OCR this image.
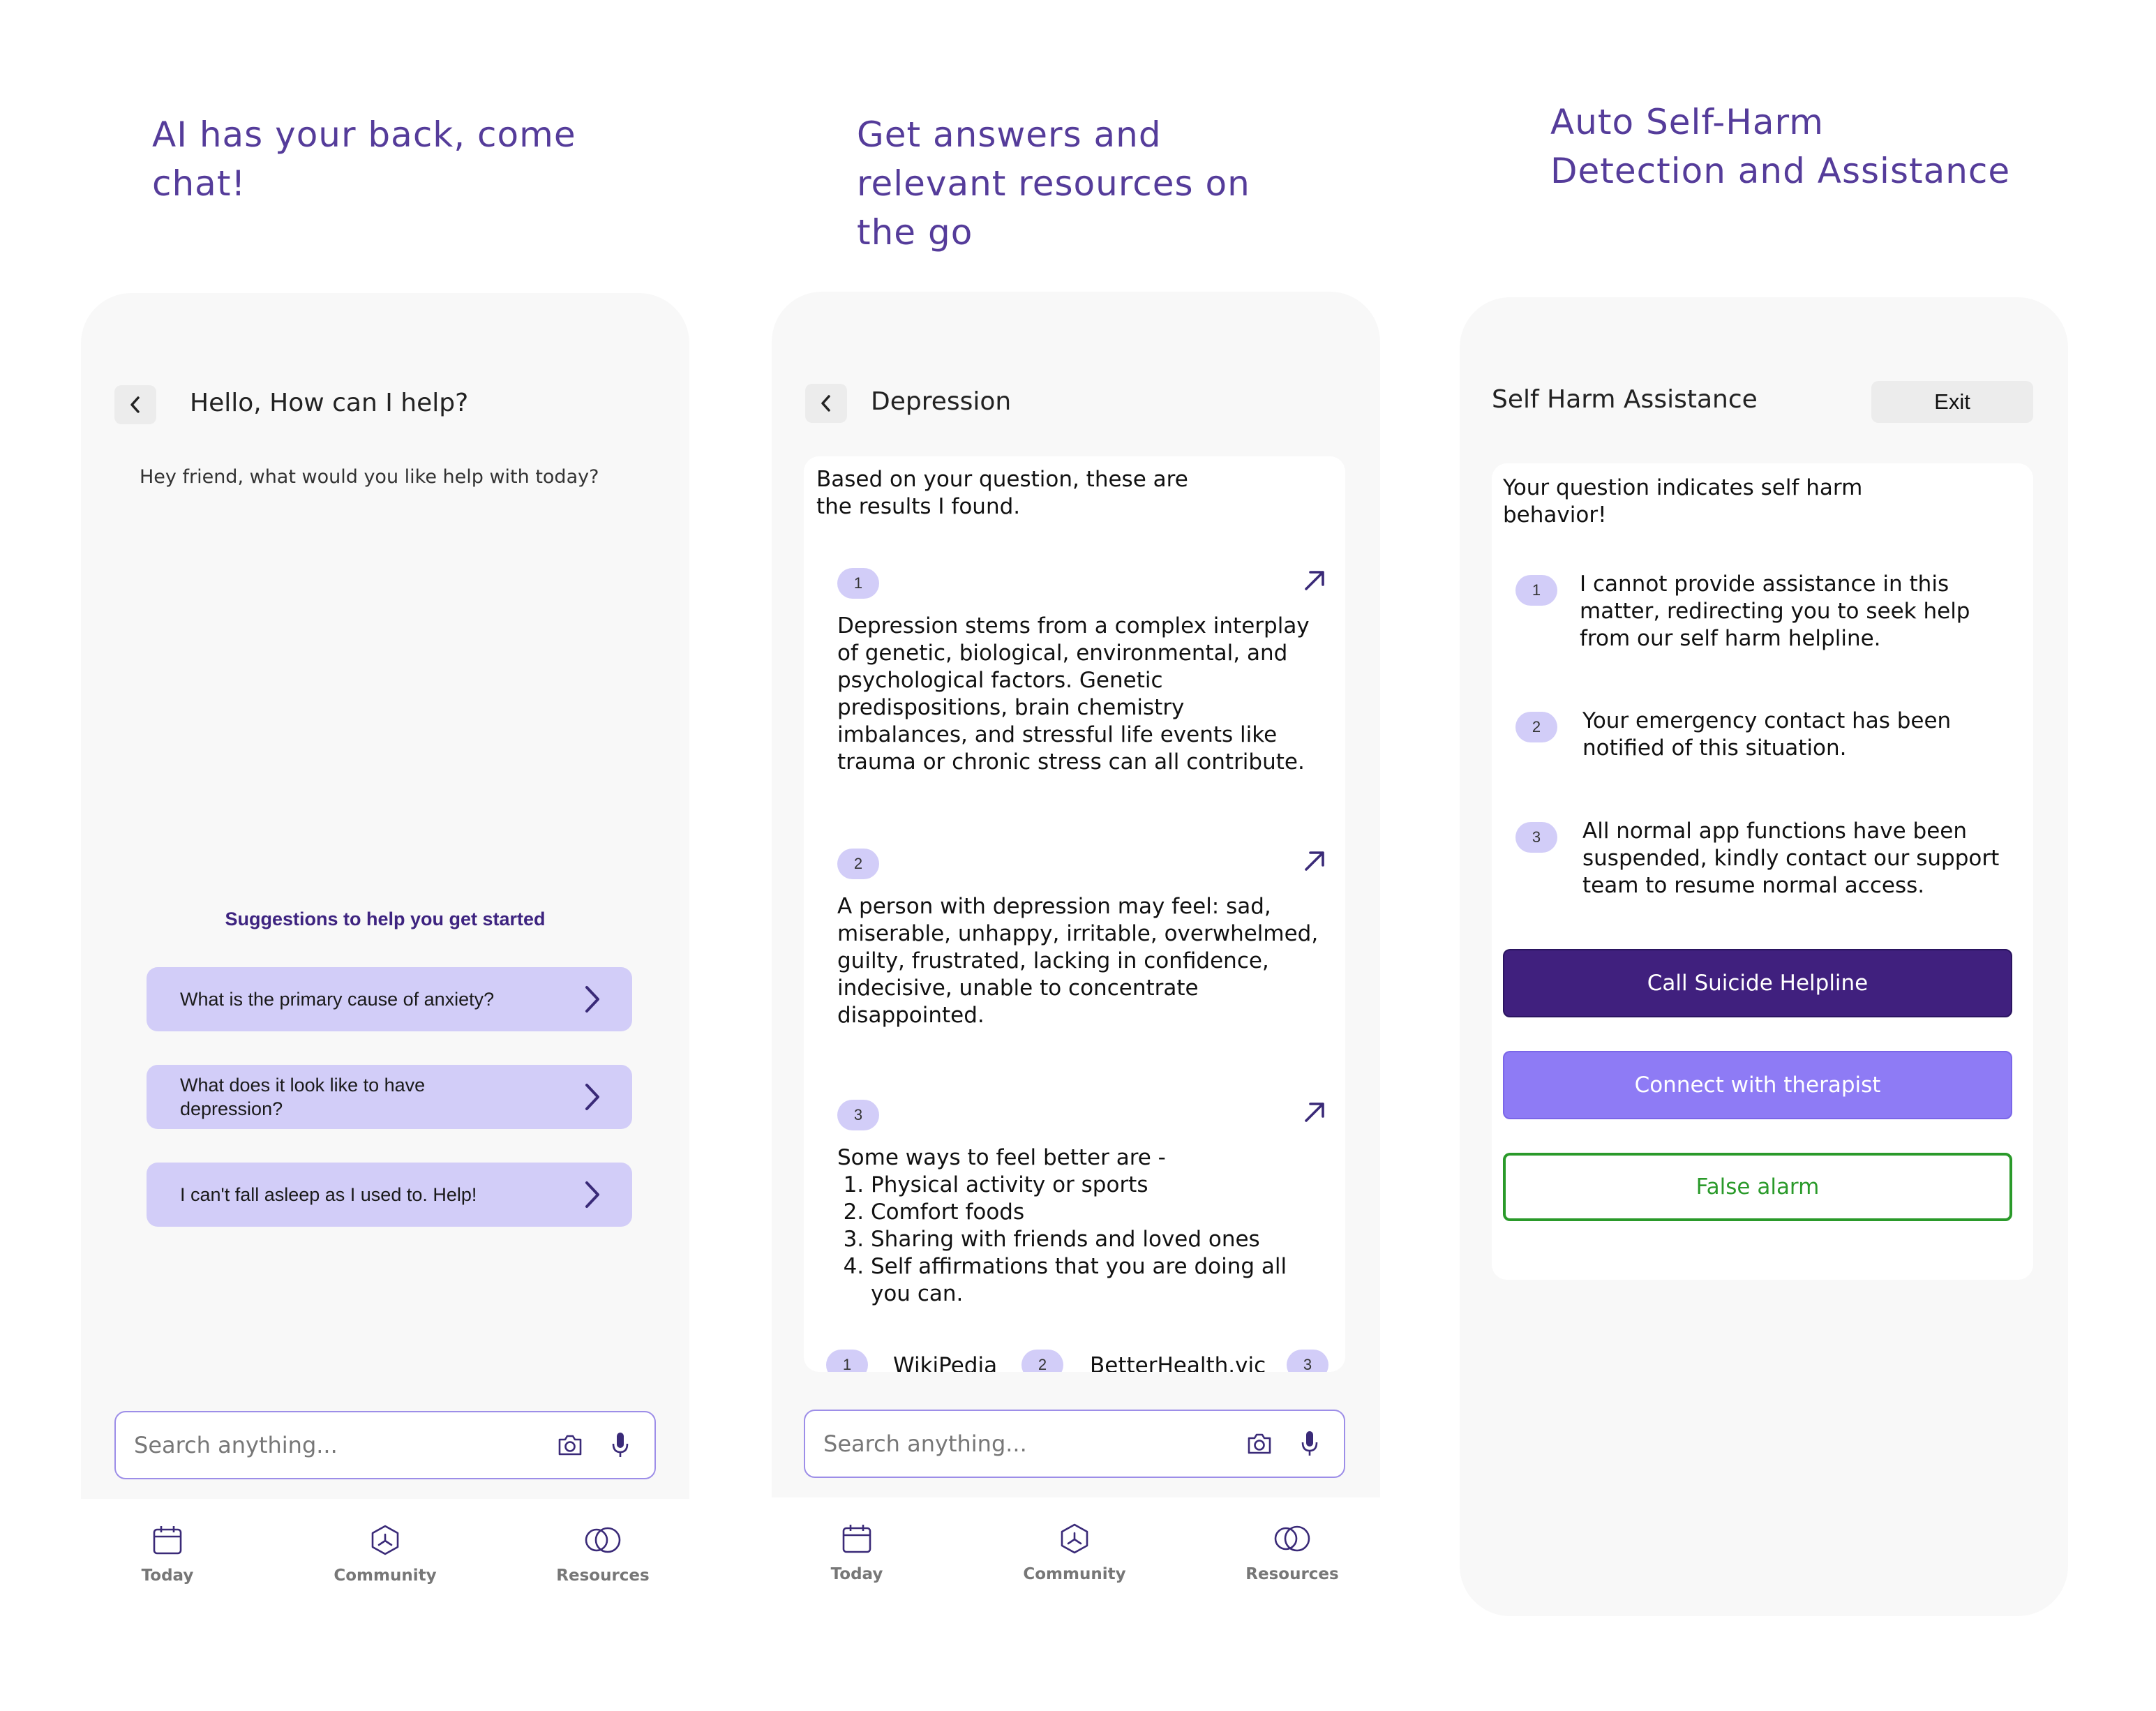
AI has your back, come chat!
Get answers and relevant resources on the go
Auto Self-Harm Detection and Assistance
Hello, How can I help?
Hey friend, what would you like help with today?
Suggestions to help you get started
What is the primary cause of anxiety?
What does it look like to have depression?
I can't fall asleep as I used to. Help!
Search anything...
Today	Community	Resources
Depression
Based on your question, these are the results I found.
1
Depression stems from a complex interplay of genetic, biological, environmental, and psychological factors. Genetic predispositions, brain chemistry imbalances, and stressful life events like trauma or chronic stress can all contribute.
2
A person with depression may feel: sad, miserable, unhappy, irritable, overwhelmed, guilty, frustrated, lacking in confidence, indecisive, unable to concentrate disappointed.
3
Some ways to feel better are -
1. Physical activity or sports
2. Comfort foods
3. Sharing with friends and loved ones
4. Self affirmations that you are doing all you can.
1	WikiPedia	2	BetterHealth.vic	3
Search anything...
Today	Community	Resources
Self Harm Assistance	Exit
Your question indicates self harm behavior!
1	I cannot provide assistance in this matter, redirecting you to seek help from our self harm helpline.
2	Your emergency contact has been notified of this situation.
3	All normal app functions have been suspended, kindly contact our support team to resume normal access.
Call Suicide Helpline
Connect with therapist
False alarm
